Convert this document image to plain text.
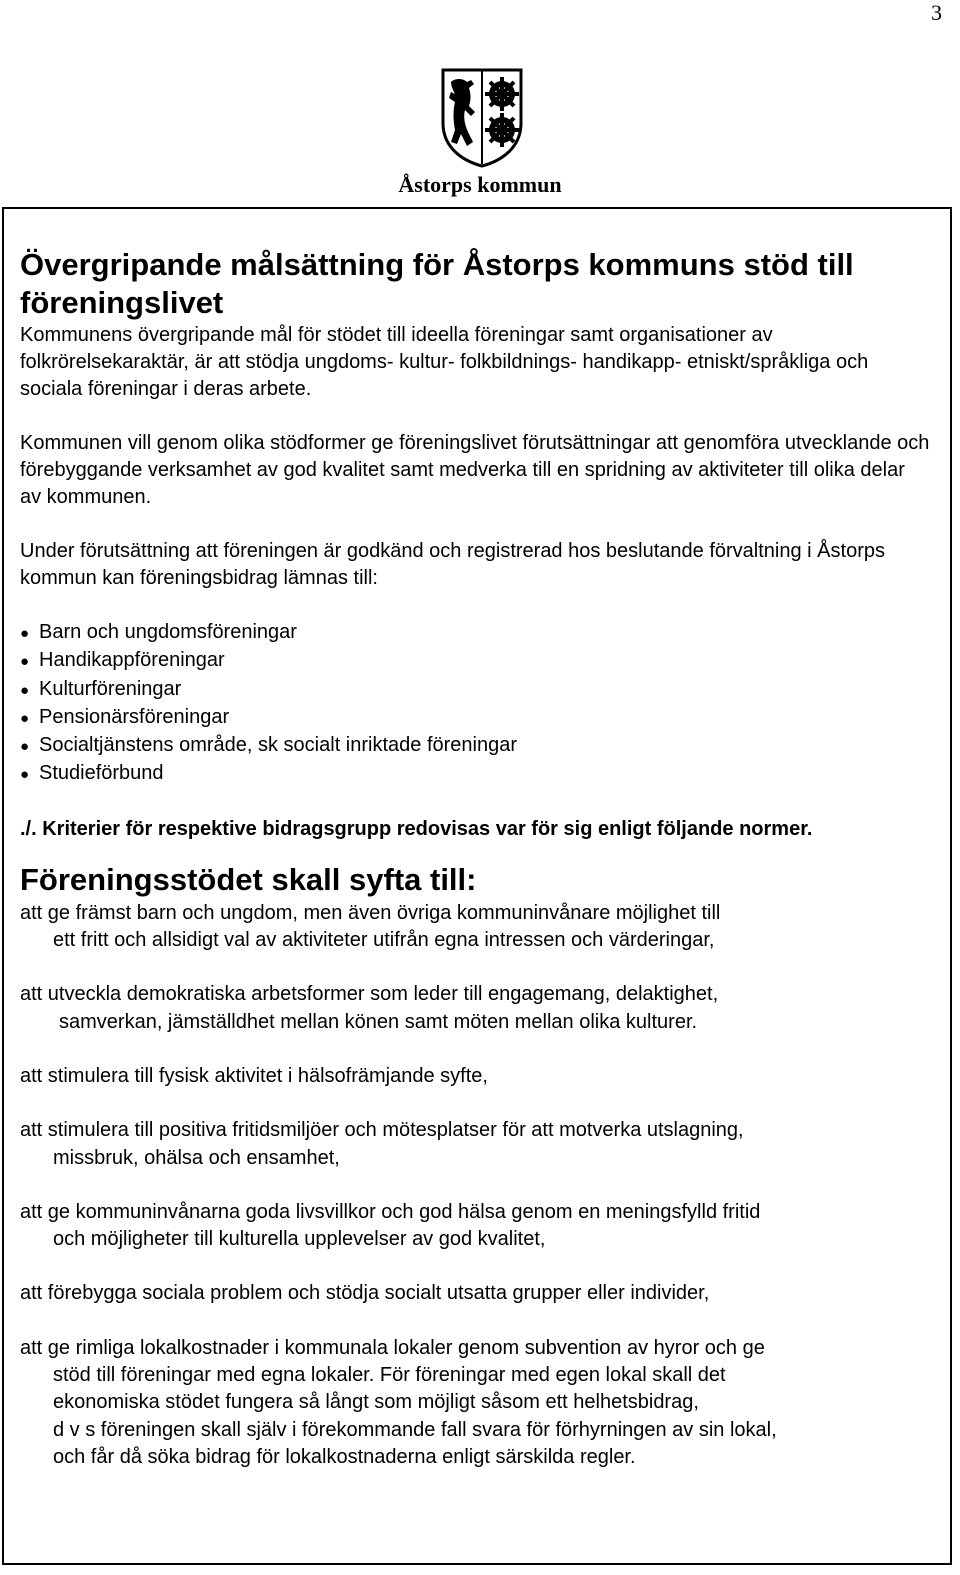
3
Åstorps kommun
Övergripande målsättning för Åstorps kommuns stöd till föreningslivet

Kommunens övergripande mål för stödet till ideella föreningar samt organisationer av folkrörelsekaraktär, är att stödja ungdoms- kultur- folkbildnings- handikapp- etniskt/språkliga och sociala föreningar i deras arbete.

Kommunen vill genom olika stödformer ge föreningslivet förutsättningar att genomföra utvecklande och förebyggande verksamhet av god kvalitet samt medverka till en spridning av aktiviteter till olika delar av kommunen.

Under förutsättning att föreningen är godkänd och registrerad hos beslutande förvaltning i Åstorps kommun kan föreningsbidrag lämnas till:

● Barn och ungdomsföreningar
● Handikappföreningar
● Kulturföreningar
● Pensionärsföreningar
● Socialtjänstens område, sk socialt inriktade föreningar
● Studieförbund
./. Kriterier för respektive bidragsgrupp redovisas var för sig enligt följande normer.
Föreningsstödet skall syfta till:
att ge främst barn och ungdom, men även övriga kommuninvånare möjlighet till
ett fritt och allsidigt val av aktiviteter utifrån egna intressen och värderingar,
att utveckla demokratiska arbetsformer som leder till engagemang, delaktighet,
samverkan, jämställdhet mellan könen samt möten mellan olika kulturer.
att stimulera till fysisk aktivitet i hälsofrämjande syfte,
att stimulera till positiva fritidsmiljöer och mötesplatser för att motverka utslagning,
missbruk, ohälsa och ensamhet,
att ge kommuninvånarna goda livsvillkor och god hälsa genom en meningsfylld fritid
och möjligheter till kulturella upplevelser av god kvalitet,
att förebygga sociala problem och stödja socialt utsatta grupper eller individer,
att ge rimliga lokalkostnader i kommunala lokaler genom subvention av hyror och ge
stöd till föreningar med egna lokaler. För föreningar med egen lokal skall det
ekonomiska stödet fungera så långt som möjligt såsom ett helhetsbidrag,
d v s föreningen skall själv i förekommande fall svara för förhyrningen av sin lokal,
och får då söka bidrag för lokalkostnaderna enligt särskilda regler.
